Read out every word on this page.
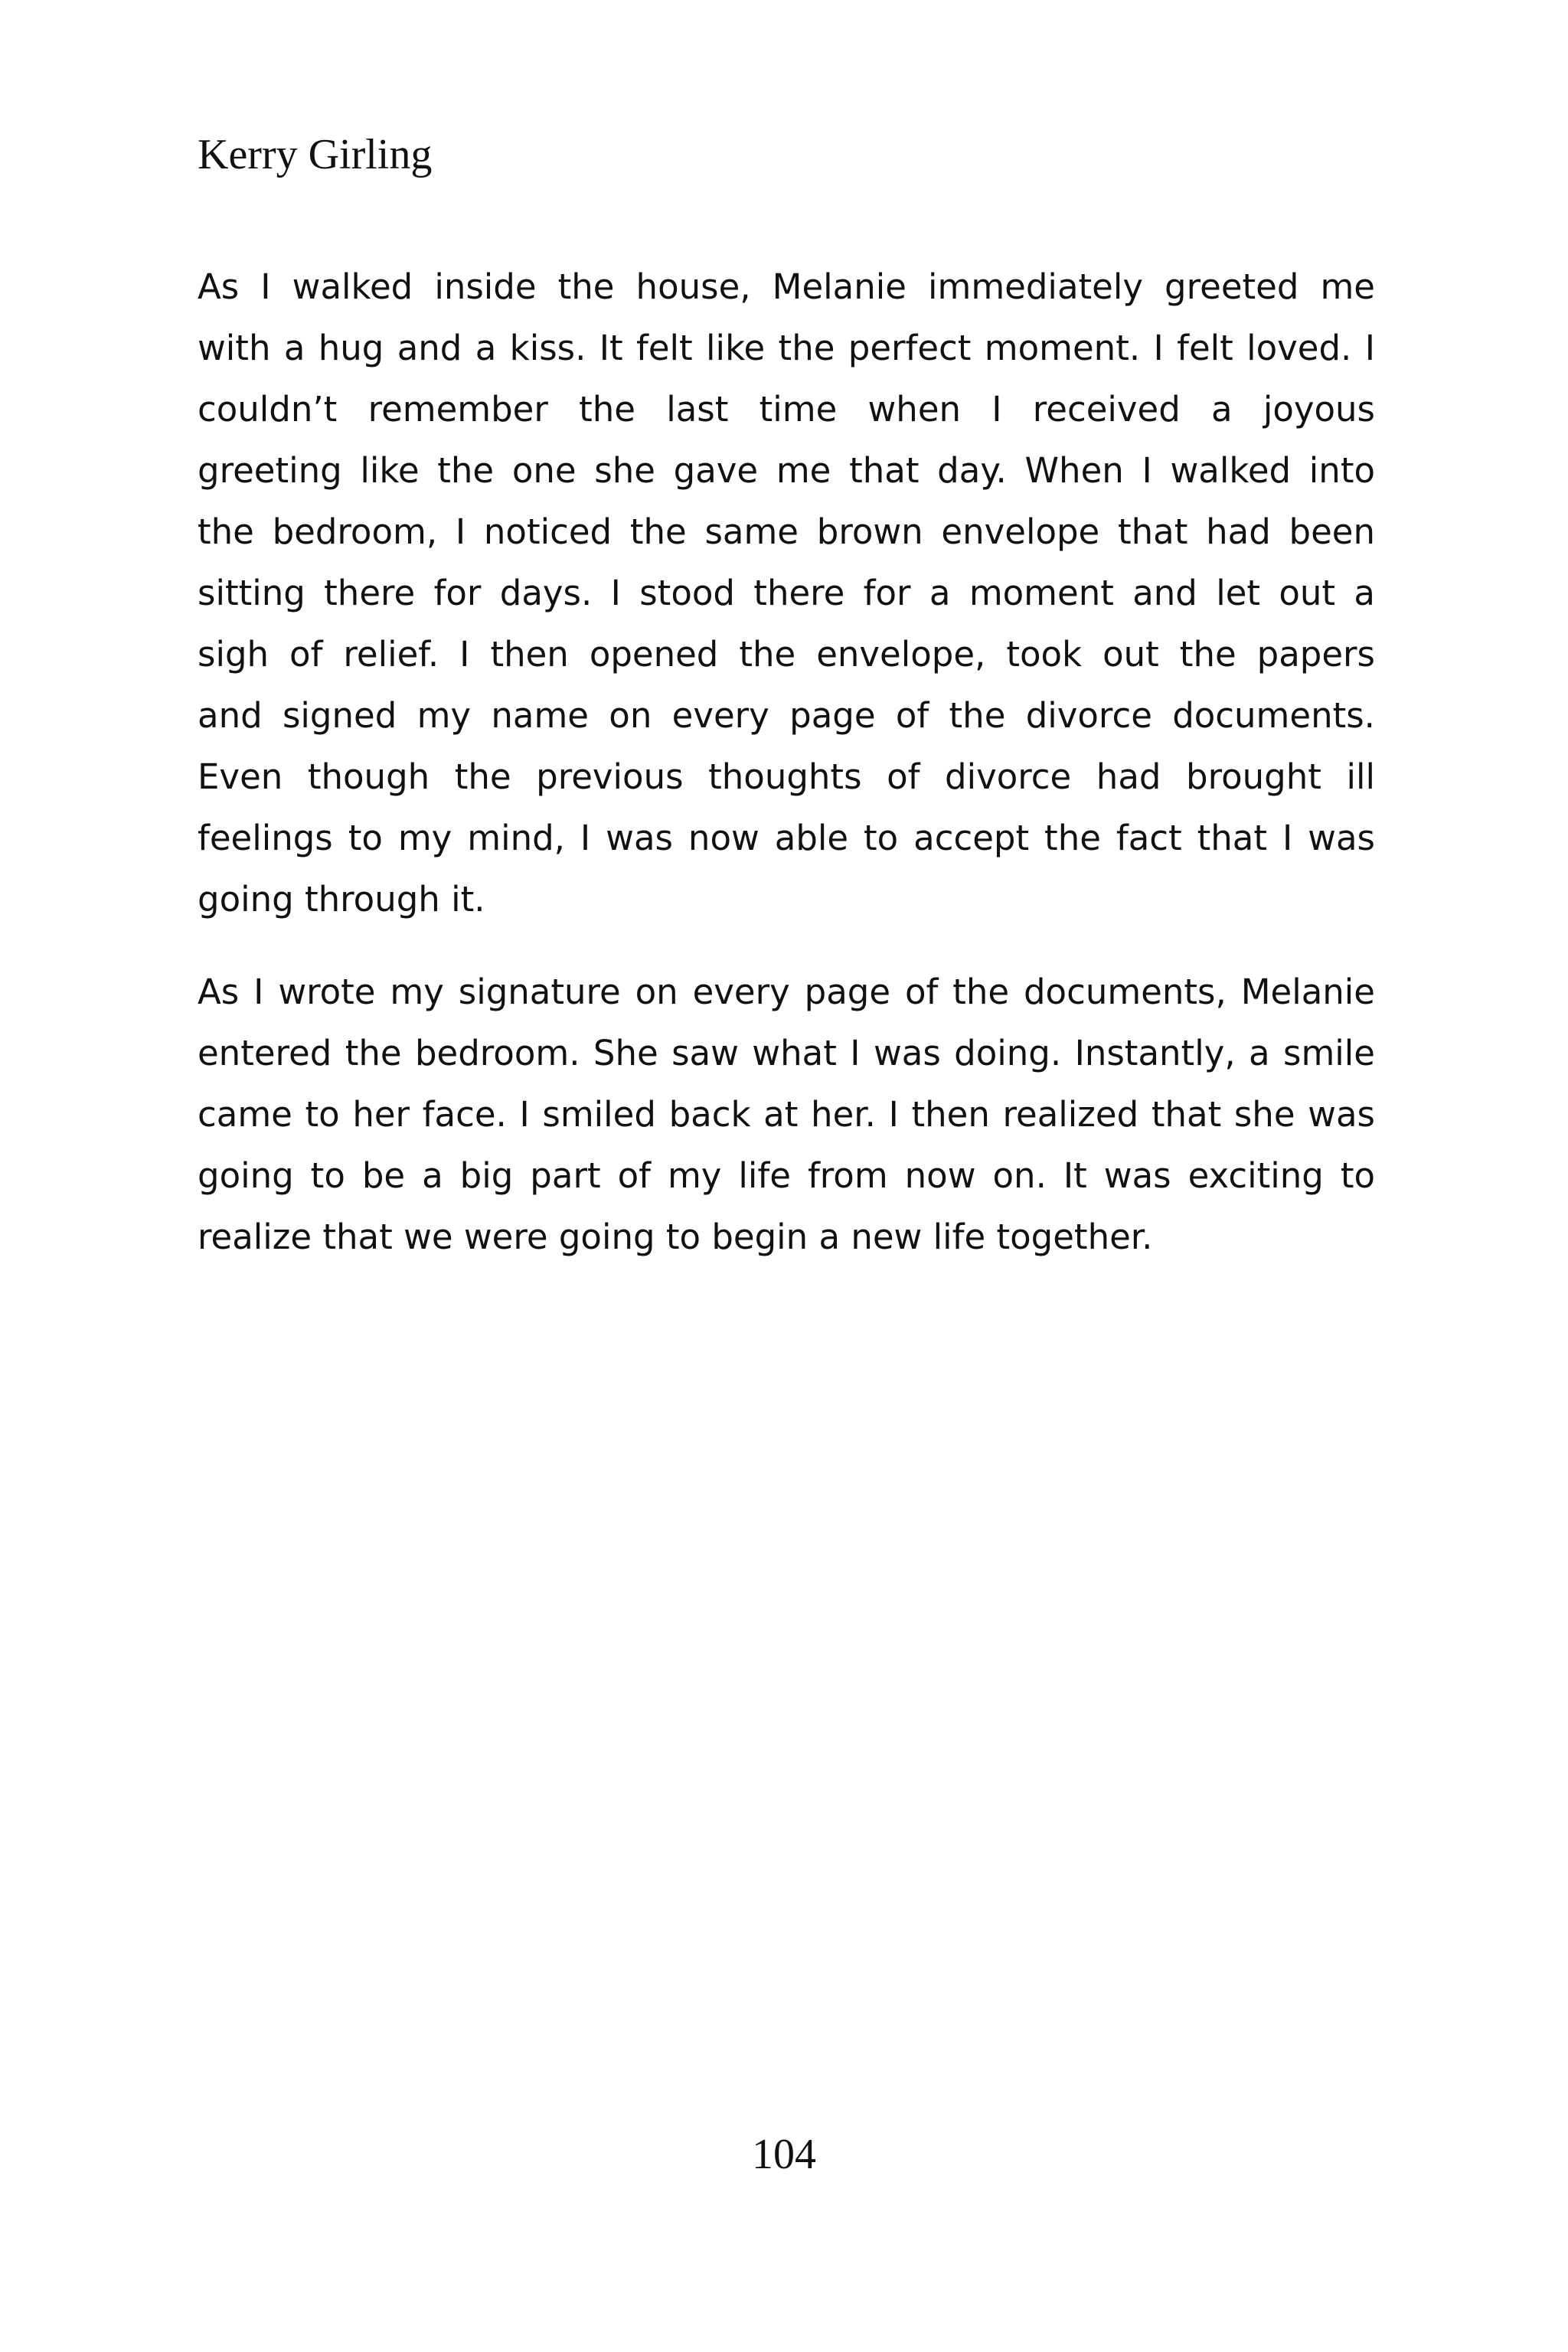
Kerry Girling

As I walked inside the house, Melanie immediately greeted me
with a hug and a kiss. It felt like the perfect moment. I felt loved. I
couldn’t remember the last time when I received a joyous
greeting like the one she gave me that day. When I walked into
the bedroom, I noticed the same brown envelope that had been
sitting there for days. I stood there for a moment and let out a
sigh of relief. I then opened the envelope, took out the papers
and signed my name on every page of the divorce documents.
Even though the previous thoughts of divorce had brought ill
feelings to my mind, I was now able to accept the fact that I was
going through it.

As I wrote my signature on every page of the documents, Melanie
entered the bedroom. She saw what I was doing. Instantly, a smile
came to her face. I smiled back at her. I then realized that she was
going to be a big part of my life from now on. It was exciting to
realize that we were going to begin a new life together.

104
